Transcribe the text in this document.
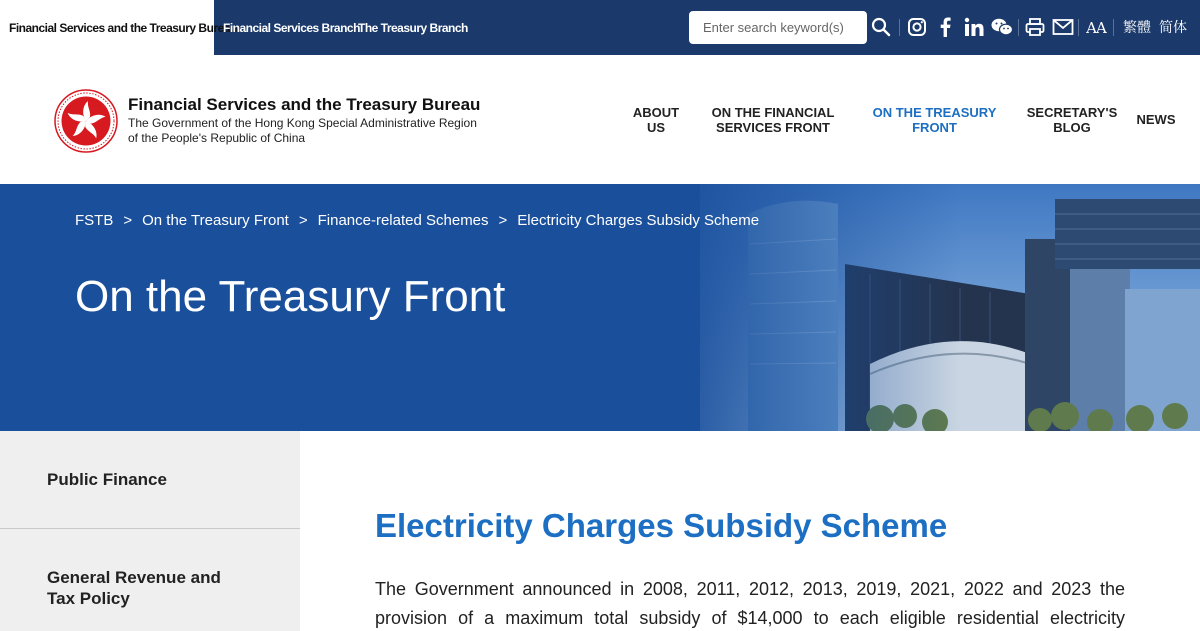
Financial Services and the Treasury Bureau
Financial Services Branch
The Treasury Branch
Enter search keyword(s)	AA 繁體 简体
Financial Services and the Treasury Bureau
The Government of the Hong Kong Special Administrative Region
of the People's Republic of China
ABOUT
US
ON THE FINANCIAL
SERVICES FRONT
ON THE TREASURY
FRONT
SECRETARY'S
BLOG
NEWS
FSTB > On the Treasury Front > Finance-related Schemes > Electricity Charges Subsidy Scheme
On the Treasury Front
Public Finance
General Revenue and Tax Policy
Electricity Charges Subsidy Scheme
The Government announced in 2008, 2011, 2012, 2013, 2019, 2021, 2022 and 2023 the
provision of a maximum total subsidy of $14,000 to each eligible residential electricity
